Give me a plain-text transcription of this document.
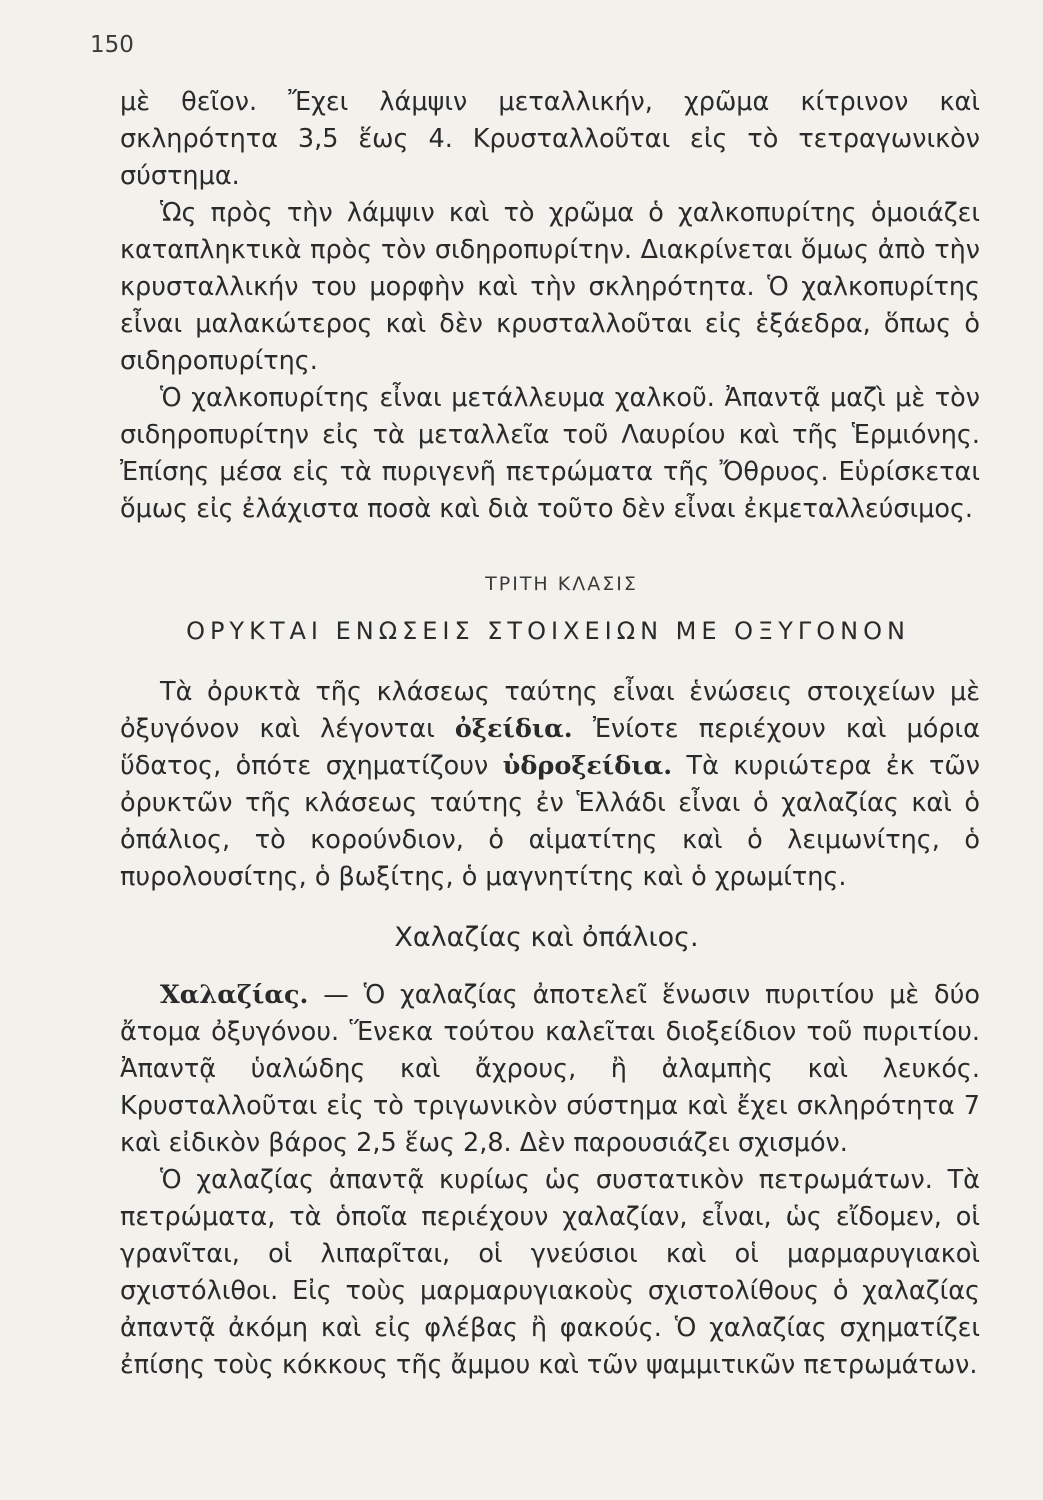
150

μὲ θεῖον. Ἔχει λάμψιν μεταλλικήν, χρῶμα κίτρινον καὶ σκληρότητα 3,5 ἕως 4. Κρυσταλλοῦται εἰς τὸ τετραγωνικὸν σύστημα.

Ὡς πρὸς τὴν λάμψιν καὶ τὸ χρῶμα ὁ χαλκοπυρίτης ὁμοιάζει καταπληκτικὰ πρὸς τὸν σιδηροπυρίτην. Διακρίνεται ὅμως ἀπὸ τὴν κρυσταλλικήν του μορφὴν καὶ τὴν σκληρότητα. Ὁ χαλκοπυρίτης εἶναι μαλακώτερος καὶ δὲν κρυσταλλοῦται εἰς ἑξάεδρα, ὅπως ὁ σιδηροπυρίτης.

Ὁ χαλκοπυρίτης εἶναι μετάλλευμα χαλκοῦ. Ἀπαντᾷ μαζὶ μὲ τὸν σιδηροπυρίτην εἰς τὰ μεταλλεῖα τοῦ Λαυρίου καὶ τῆς Ἑρμιόνης. Ἐπίσης μέσα εἰς τὰ πυριγενῆ πετρώματα τῆς Ὄθρυος. Εὑρίσκεται ὅμως εἰς ἐλάχιστα ποσὰ καὶ διὰ τοῦτο δὲν εἶναι ἐκμεταλλεύσιμος.

ΤΡΙΤΗ ΚΛΑΣΙΣ
ΟΡΥΚΤΑΙ ΕΝΩΣΕΙΣ ΣΤΟΙΧΕΙΩΝ ΜΕ ΟΞΥΓΟΝΟΝ

Τὰ ὀρυκτὰ τῆς κλάσεως ταύτης εἶναι ἑνώσεις στοιχείων μὲ ὀξυγόνον καὶ λέγονται ὀξείδια. Ἐνίοτε περιέχουν καὶ μόρια ὕδατος, ὁπότε σχηματίζουν ὑδροξείδια. Τὰ κυριώτερα ἐκ τῶν ὀρυκτῶν τῆς κλάσεως ταύτης ἐν Ἑλλάδι εἶναι ὁ χαλαζίας καὶ ὁ ὀπάλιος, τὸ κορούνδιον, ὁ αἱματίτης καὶ ὁ λειμωνίτης, ὁ πυρολουσίτης, ὁ βωξίτης, ὁ μαγνητίτης καὶ ὁ χρωμίτης.

Χαλαζίας καὶ ὀπάλιος.

Χαλαζίας. — Ὁ χαλαζίας ἀποτελεῖ ἕνωσιν πυριτίου μὲ δύο ἄτομα ὀξυγόνου. Ἕνεκα τούτου καλεῖται διοξείδιον τοῦ πυριτίου. Ἀπαντᾷ ὑαλώδης καὶ ἄχρους, ἢ ἀλαμπὴς καὶ λευκός. Κρυσταλλοῦται εἰς τὸ τριγωνικὸν σύστημα καὶ ἔχει σκληρότητα 7 καὶ εἰδικὸν βάρος 2,5 ἕως 2,8. Δὲν παρουσιάζει σχισμόν.

Ὁ χαλαζίας ἀπαντᾷ κυρίως ὡς συστατικὸν πετρωμάτων. Τὰ πετρώματα, τὰ ὁποῖα περιέχουν χαλαζίαν, εἶναι, ὡς εἴδομεν, οἱ γρανῖται, οἱ λιπαρῖται, οἱ γνεύσιοι καὶ οἱ μαρμαρυγιακοὶ σχιστόλιθοι. Εἰς τοὺς μαρμαρυγιακοὺς σχιστολίθους ὁ χαλαζίας ἀπαντᾷ ἀκόμη καὶ εἰς φλέβας ἢ φακούς. Ὁ χαλαζίας σχηματίζει ἐπίσης τοὺς κόκκους τῆς ἄμμου καὶ τῶν ψαμμιτικῶν πετρωμάτων.
